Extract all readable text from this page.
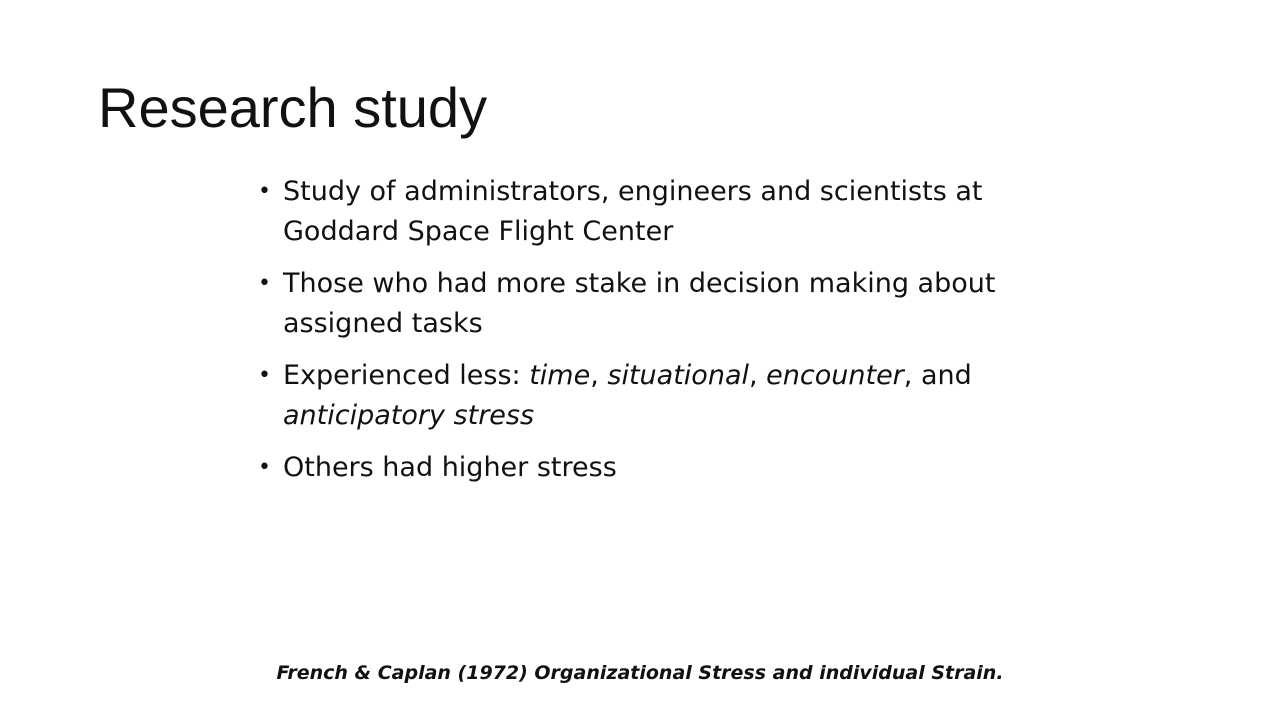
Research study
• Study of administrators, engineers and scientists at Goddard Space Flight Center
• Those who had more stake in decision making about assigned tasks
• Experienced less: time, situational, encounter, and anticipatory stress
• Others had higher stress

French & Caplan (1972) Organizational Stress and individual Strain.
